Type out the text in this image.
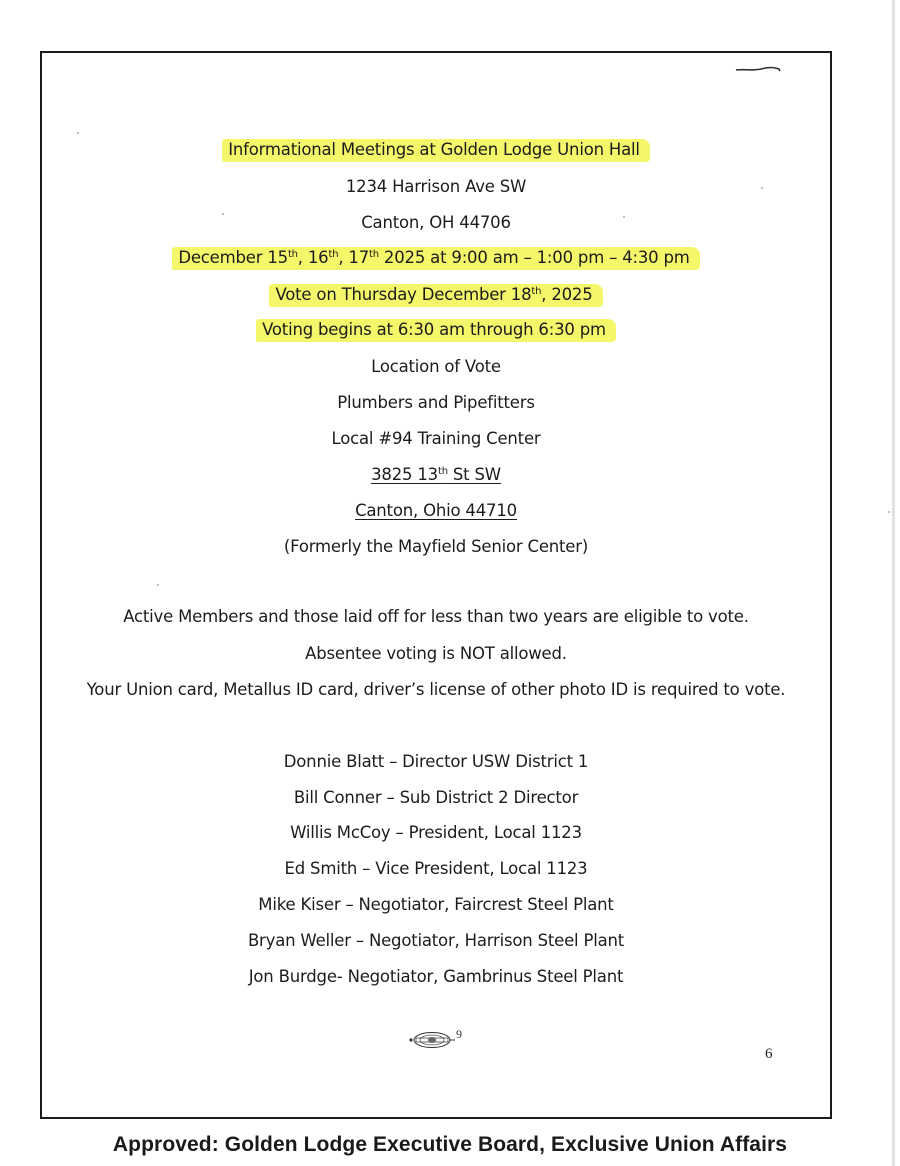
Informational Meetings at Golden Lodge Union Hall
1234 Harrison Ave SW
Canton, OH 44706
December 15th, 16th, 17th 2025 at 9:00 am – 1:00 pm – 4:30 pm
Vote on Thursday December 18th, 2025
Voting begins at 6:30 am through 6:30 pm
Location of Vote
Plumbers and Pipefitters
Local #94 Training Center
3825 13th St SW
Canton, Ohio 44710
(Formerly the Mayfield Senior Center)
Active Members and those laid off for less than two years are eligible to vote.
Absentee voting is NOT allowed.
Your Union card, Metallus ID card, driver’s license of other photo ID is required to vote.
Donnie Blatt – Director USW District 1
Bill Conner – Sub District 2 Director
Willis McCoy – President, Local 1123
Ed Smith – Vice President, Local 1123
Mike Kiser – Negotiator, Faircrest Steel Plant
Bryan Weller – Negotiator, Harrison Steel Plant
Jon Burdge- Negotiator, Gambrinus Steel Plant
9
6
Approved: Golden Lodge Executive Board, Exclusive Union Affairs
